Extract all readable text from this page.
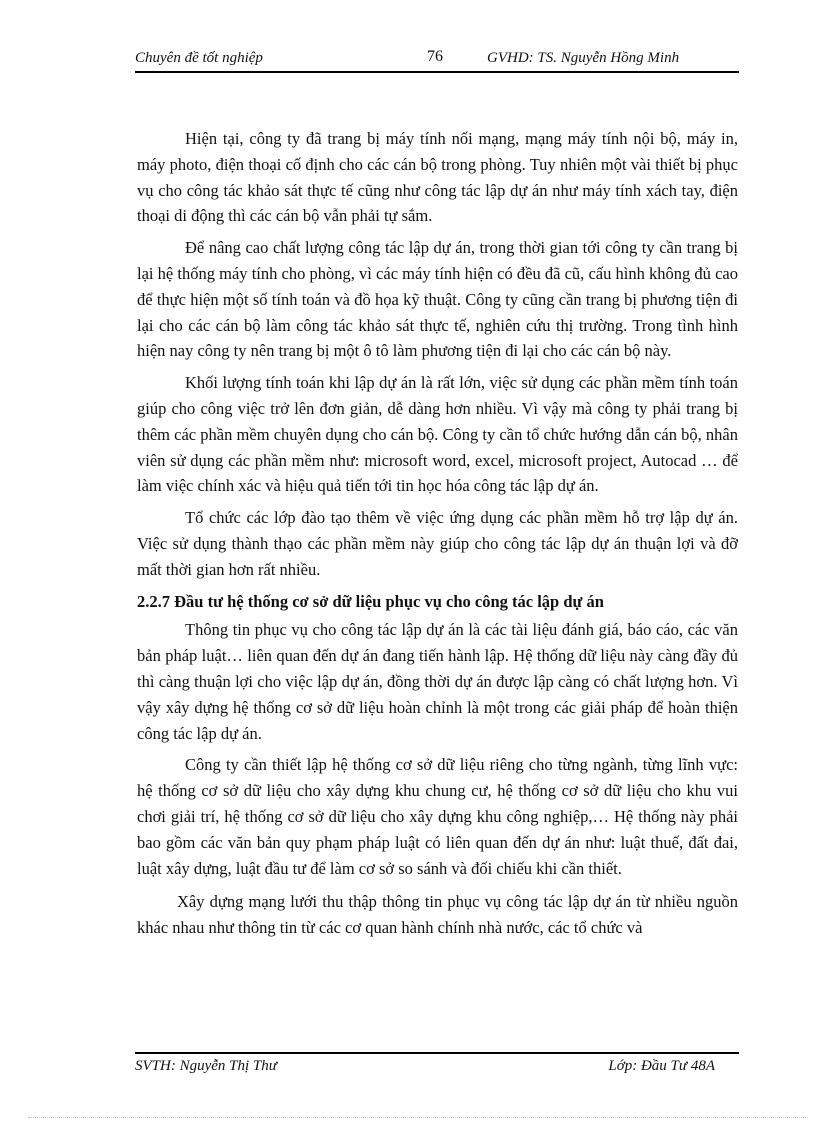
Chuyên đề tốt nghiệp	76	GVHD: TS. Nguyễn Hồng Minh

Hiện tại, công ty đã trang bị máy tính nối mạng, mạng máy tính nội bộ, máy in, máy photo, điện thoại cố định cho các cán bộ trong phòng. Tuy nhiên một vài thiết bị phục vụ cho công tác khảo sát thực tế cũng như công tác lập dự án như máy tính xách tay, điện thoại di động thì các cán bộ vẫn phải tự sắm.

Để nâng cao chất lượng công tác lập dự án, trong thời gian tới công ty cần trang bị lại hệ thống máy tính cho phòng, vì các máy tính hiện có đều đã cũ, cấu hình không đủ cao để thực hiện một số tính toán và đồ họa kỹ thuật. Công ty cũng cần trang bị phương tiện đi lại cho các cán bộ làm công tác khảo sát thực tế, nghiên cứu thị trường. Trong tình hình hiện nay công ty nên trang bị một ô tô làm phương tiện đi lại cho các cán bộ này.

Khối lượng tính toán khi lập dự án là rất lớn, việc sử dụng các phần mềm tính toán giúp cho công việc trở lên đơn giản, dễ dàng hơn nhiều. Vì vậy mà công ty phải trang bị thêm các phần mềm chuyên dụng cho cán bộ. Công ty cần tổ chức hướng dẫn cán bộ, nhân viên sử dụng các phần mềm như: microsoft word, excel, microsoft project, Autocad … để làm việc chính xác và hiệu quả tiến tới tin học hóa công tác lập dự án.

Tổ chức các lớp đào tạo thêm về việc ứng dụng các phần mềm hỗ trợ lập dự án. Việc sử dụng thành thạo các phần mềm này giúp cho công tác lập dự án thuận lợi và đỡ mất thời gian hơn rất nhiều.

2.2.7 Đầu tư hệ thống cơ sở dữ liệu phục vụ cho công tác lập dự án

Thông tin phục vụ cho công tác lập dự án là các tài liệu đánh giá, báo cáo, các văn bản pháp luật… liên quan đến dự án đang tiến hành lập. Hệ thống dữ liệu này càng đầy đủ thì càng thuận lợi cho việc lập dự án, đồng thời dự án được lập càng có chất lượng hơn. Vì vậy xây dựng hệ thống cơ sở dữ liệu hoàn chỉnh là một trong các giải pháp để hoàn thiện công tác lập dự án.

Công ty cần thiết lập hệ thống cơ sở dữ liệu riêng cho từng ngành, từng lĩnh vực: hệ thống cơ sở dữ liệu cho xây dựng khu chung cư, hệ thống cơ sở dữ liệu cho khu vui chơi giải trí, hệ thống cơ sở dữ liệu cho xây dựng khu công nghiệp,… Hệ thống này phải bao gồm các văn bản quy phạm pháp luật có liên quan đến dự án như: luật thuế, đất đai, luật xây dựng, luật đầu tư để làm cơ sở so sánh và đối chiếu khi cần thiết.

Xây dựng mạng lưới thu thập thông tin phục vụ công tác lập dự án từ nhiều nguồn khác nhau như thông tin từ các cơ quan hành chính nhà nước, các tổ chức và

SVTH: Nguyễn Thị Thư	Lớp: Đầu Tư 48A
